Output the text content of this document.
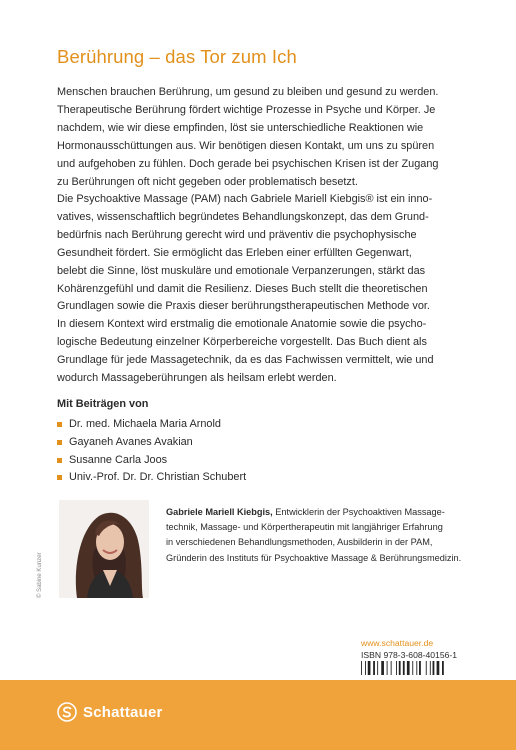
Berührung – das Tor zum Ich

Menschen brauchen Berührung, um gesund zu bleiben und gesund zu werden.
Therapeutische Berührung fördert wichtige Prozesse in Psyche und Körper. Je
nachdem, wie wir diese empfinden, löst sie unterschiedliche Reaktionen wie
Hormonausschüttungen aus. Wir benötigen diesen Kontakt, um uns zu spüren
und aufgehoben zu fühlen. Doch gerade bei psychischen Krisen ist der Zugang
zu Berührungen oft nicht gegeben oder problematisch besetzt.

Die Psychoaktive Massage (PAM) nach Gabriele Mariell Kiebgis® ist ein inno-
vatives, wissenschaftlich begründetes Behandlungskonzept, das dem Grund-
bedürfnis nach Berührung gerecht wird und präventiv die psychophysische
Gesundheit fördert. Sie ermöglicht das Erleben einer erfüllten Gegenwart,
belebt die Sinne, löst muskuläre und emotionale Verpanzerungen, stärkt das
Kohärenzgefühl und damit die Resilienz. Dieses Buch stellt die theoretischen
Grundlagen sowie die Praxis dieser berührungstherapeutischen Methode vor.
In diesem Kontext wird erstmalig die emotionale Anatomie sowie die psycho-
logische Bedeutung einzelner Körperbereiche vorgestellt. Das Buch dient als
Grundlage für jede Massagetechnik, da es das Fachwissen vermittelt, wie und
wodurch Massageberührungen als heilsam erlebt werden.

Mit Beiträgen von
Dr. med. Michaela Maria Arnold
Gayaneh Avanes Avakian
Susanne Carla Joos
Univ.-Prof. Dr. Dr. Christian Schubert
© Sabine Kunzer
Gabriele Mariell Kiebgis, Entwicklerin der Psychoaktiven Massage-
technik, Massage- und Körpertherapeutin mit langjähriger Erfahrung
in verschiedenen Behandlungsmethoden, Ausbilderin in der PAM,
Gründerin des Instituts für Psychoaktive Massage & Berührungsmedizin.
www.schattauer.de
ISBN 978-3-608-40156-1
Schattauer
